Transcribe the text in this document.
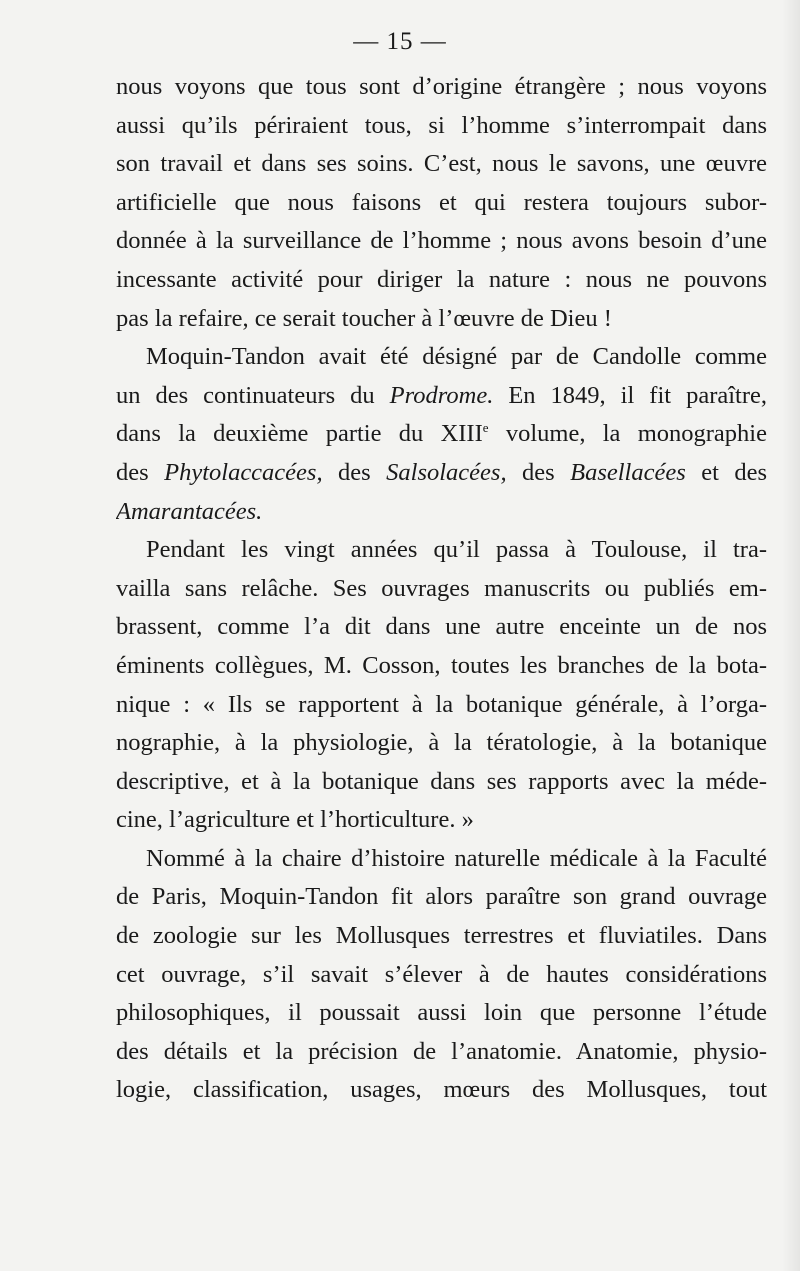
— 15 —
nous voyons que tous sont d’origine étrangère ; nous voyons
aussi qu’ils périraient tous, si l’homme s’interrompait dans
son travail et dans ses soins. C’est, nous le savons, une œuvre
artificielle que nous faisons et qui restera toujours subor-
donnée à la surveillance de l’homme ; nous avons besoin d’une
incessante activité pour diriger la nature : nous ne pouvons
pas la refaire, ce serait toucher à l’œuvre de Dieu !
Moquin-Tandon avait été désigné par de Candolle comme
un des continuateurs du Prodrome. En 1849, il fit paraître,
dans la deuxième partie du XIIIe volume, la monographie
des Phytolaccacées, des Salsolacées, des Basellacées et des
Amarantacées.
Pendant les vingt années qu’il passa à Toulouse, il tra-
vailla sans relâche. Ses ouvrages manuscrits ou publiés em-
brassent, comme l’a dit dans une autre enceinte un de nos
éminents collègues, M. Cosson, toutes les branches de la bota-
nique : « Ils se rapportent à la botanique générale, à l’orga-
nographie, à la physiologie, à la tératologie, à la botanique
descriptive, et à la botanique dans ses rapports avec la méde-
cine, l’agriculture et l’horticulture. »
Nommé à la chaire d’histoire naturelle médicale à la Faculté
de Paris, Moquin-Tandon fit alors paraître son grand ouvrage
de zoologie sur les Mollusques terrestres et fluviatiles. Dans
cet ouvrage, s’il savait s’élever à de hautes considérations
philosophiques, il poussait aussi loin que personne l’étude
des détails et la précision de l’anatomie. Anatomie, physio-
logie, classification, usages, mœurs des Mollusques, tout
